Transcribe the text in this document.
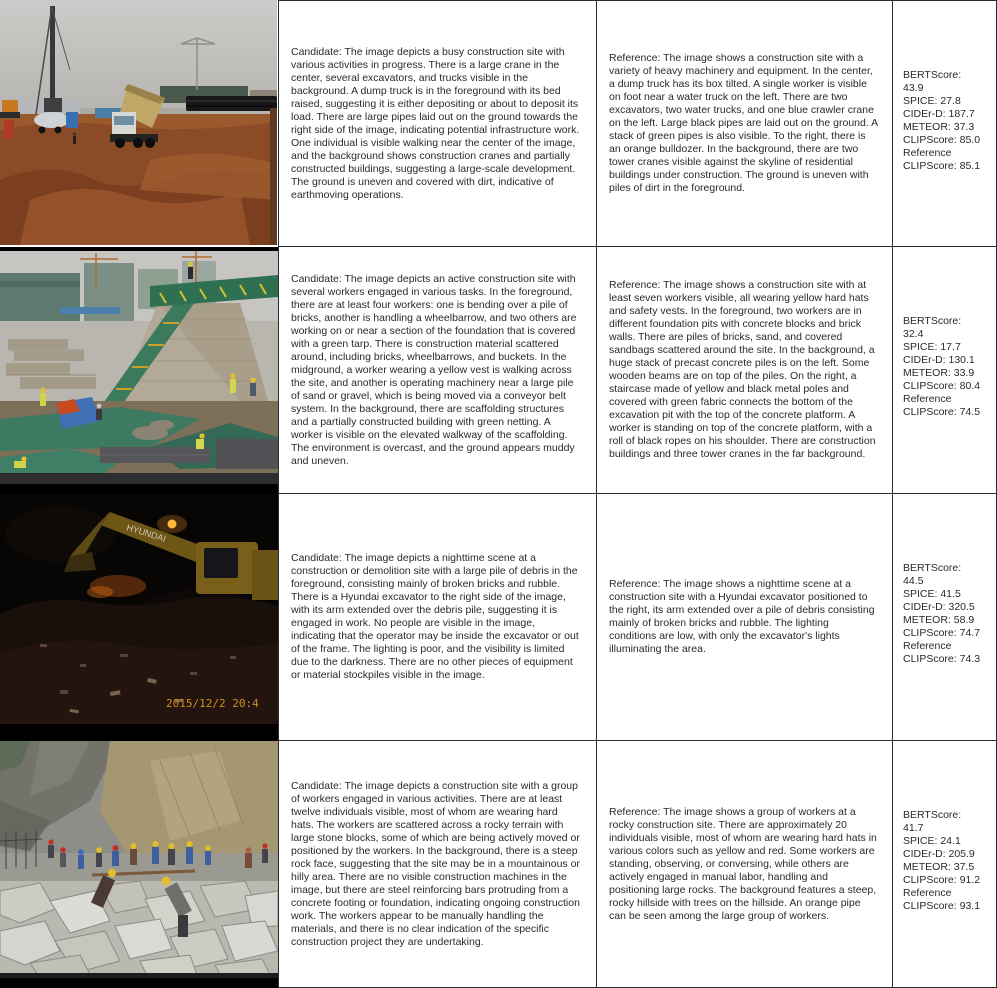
Candidate: The image depicts a busy construction site with various activities in progress. There is a large crane in the center, several excavators, and trucks visible in the background. A dump truck is in the foreground with its bed raised, suggesting it is either depositing or about to deposit its load. There are large pipes laid out on the ground towards the right side of the image, indicating potential infrastructure work. One individual is visible walking near the center of the image, and the background shows construction cranes and partially constructed buildings, suggesting a large-scale development. The ground is uneven and covered with dirt, indicative of earthmoving operations.

Reference: The image shows a construction site with a variety of heavy machinery and equipment. In the center, a dump truck has its box tilted. A single worker is visible on foot near a water truck on the left. There are two excavators, two water trucks, and one blue crawler crane on the left. Large black pipes are laid out on the ground. A stack of green pipes is also visible. To the right, there is an orange bulldozer. In the background, there are two tower cranes visible against the skyline of residential buildings under construction. The ground is uneven with piles of dirt in the foreground.

BERTScore: 43.9
SPICE: 27.8
CIDEr-D: 187.7
METEOR: 37.3
CLIPScore: 85.0
Reference CLIPScore: 85.1

Candidate: The image depicts an active construction site with several workers engaged in various tasks. In the foreground, there are at least four workers: one is bending over a pile of bricks, another is handling a wheelbarrow, and two others are working on or near a section of the foundation that is covered with a green tarp. There is construction material scattered around, including bricks, wheelbarrows, and buckets. In the midground, a worker wearing a yellow vest is walking across the site, and another is operating machinery near a large pile of sand or gravel, which is being moved via a conveyor belt system. In the background, there are scaffolding structures and a partially constructed building with green netting. A worker is visible on the elevated walkway of the scaffolding. The environment is overcast, and the ground appears muddy and uneven.

Reference: The image shows a construction site with at least seven workers visible, all wearing yellow hard hats and safety vests. In the foreground, two workers are in different foundation pits with concrete blocks and brick walls. There are piles of bricks, sand, and covered sandbags scattered around the site. In the background, a huge stack of precast concrete piles is on the left. Some wooden beams are on top of the piles. On the right, a staircase made of yellow and black metal poles and covered with green fabric connects the bottom of the excavation pit with the top of the concrete platform. A worker is standing on top of the concrete platform, with a roll of black ropes on his shoulder. There are construction buildings and three tower cranes in the far background.

BERTScore: 32.4
SPICE: 17.7
CIDEr-D: 130.1
METEOR: 33.9
CLIPScore: 80.4
Reference CLIPScore: 74.5
HYUNDAI
2015/12/2 20:4

Candidate: The image depicts a nighttime scene at a construction or demolition site with a large pile of debris in the foreground, consisting mainly of broken bricks and rubble. There is a Hyundai excavator to the right side of the image, with its arm extended over the debris pile, suggesting it is engaged in work. No people are visible in the image, indicating that the operator may be inside the excavator or out of the frame. The lighting is poor, and the visibility is limited due to the darkness. There are no other pieces of equipment or material stockpiles visible in the image.

Reference: The image shows a nighttime scene at a construction site with a Hyundai excavator positioned to the right, its arm extended over a pile of debris consisting mainly of broken bricks and rubble. The lighting conditions are low, with only the excavator's lights illuminating the area.

BERTScore: 44.5
SPICE: 41.5
CIDEr-D: 320.5
METEOR: 58.9
CLIPScore: 74.7
Reference CLIPScore: 74.3

Candidate: The image depicts a construction site with a group of workers engaged in various activities. There are at least twelve individuals visible, most of whom are wearing hard hats. The workers are scattered across a rocky terrain with large stone blocks, some of which are being actively moved or positioned by the workers. In the background, there is a steep rock face, suggesting that the site may be in a mountainous or hilly area. There are no visible construction machines in the image, but there are steel reinforcing bars protruding from a concrete footing or foundation, indicating ongoing construction work. The workers appear to be manually handling the materials, and there is no clear indication of the specific construction project they are undertaking.

Reference: The image shows a group of workers at a rocky construction site. There are approximately 20 individuals visible, most of whom are wearing hard hats in various colors such as yellow and red. Some workers are standing, observing, or conversing, while others are actively engaged in manual labor, handling and positioning large rocks. The background features a steep, rocky hillside with trees on the hillside. An orange pipe can be seen among the large group of workers.

BERTScore: 41.7
SPICE: 24.1
CIDEr-D: 205.9
METEOR: 37.5
CLIPScore: 91.2
Reference CLIPScore: 93.1
